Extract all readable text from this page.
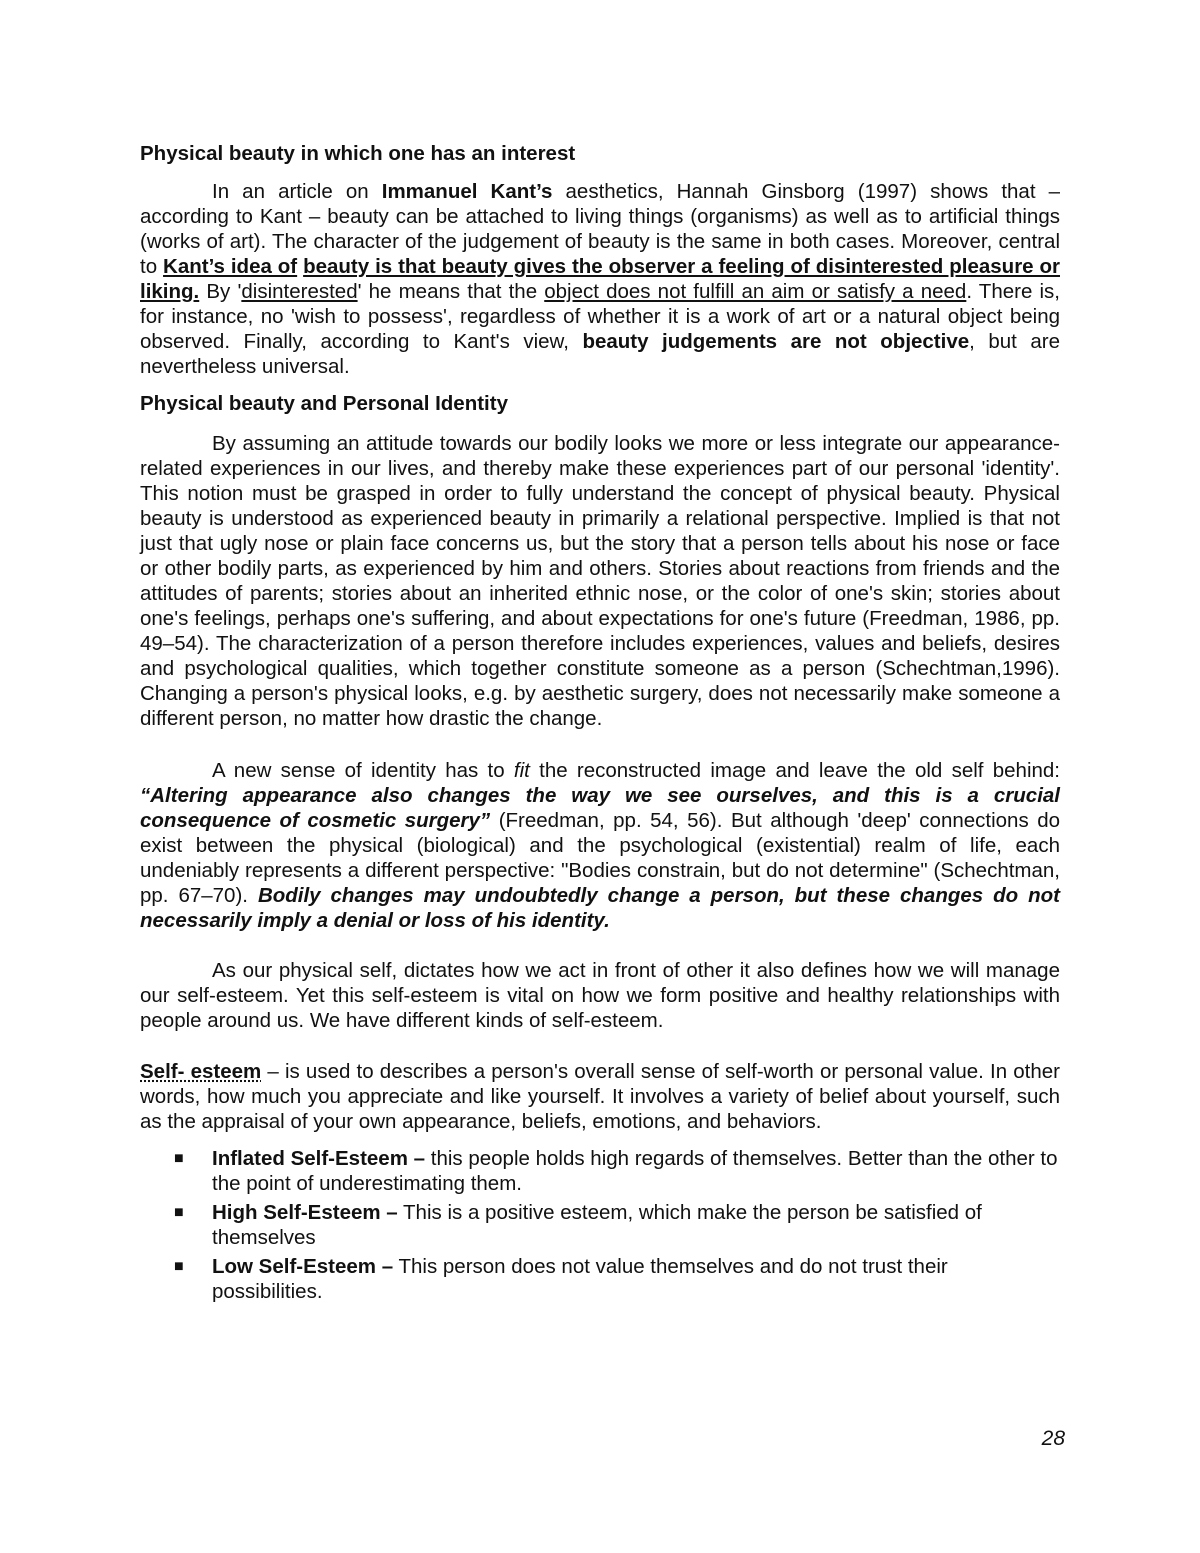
Physical beauty in which one has an interest

In an article on Immanuel Kant’s aesthetics, Hannah Ginsborg (1997) shows that – according to Kant – beauty can be attached to living things (organisms) as well as to artificial things (works of art). The character of the judgement of beauty is the same in both cases. Moreover, central to Kant’s idea of beauty is that beauty gives the observer a feeling of disinterested pleasure or liking. By 'disinterested' he means that the object does not fulfill an aim or satisfy a need. There is, for instance, no 'wish to possess', regardless of whether it is a work of art or a natural object being observed. Finally, according to Kant's view, beauty judgements are not objective, but are nevertheless universal.

Physical beauty and Personal Identity

By assuming an attitude towards our bodily looks we more or less integrate our appearance-related experiences in our lives, and thereby make these experiences part of our personal 'identity'. This notion must be grasped in order to fully understand the concept of physical beauty. Physical beauty is understood as experienced beauty in primarily a relational perspective. Implied is that not just that ugly nose or plain face concerns us, but the story that a person tells about his nose or face or other bodily parts, as experienced by him and others. Stories about reactions from friends and the attitudes of parents; stories about an inherited ethnic nose, or the color of one's skin; stories about one's feelings, perhaps one's suffering, and about expectations for one's future (Freedman, 1986, pp. 49–54). The characterization of a person therefore includes experiences, values and beliefs, desires and psychological qualities, which together constitute someone as a person (Schechtman,1996). Changing a person's physical looks, e.g. by aesthetic surgery, does not necessarily make someone a different person, no matter how drastic the change.

A new sense of identity has to fit the reconstructed image and leave the old self behind: “Altering appearance also changes the way we see ourselves, and this is a crucial consequence of cosmetic surgery” (Freedman, pp. 54, 56). But although 'deep' connections do exist between the physical (biological) and the psychological (existential) realm of life, each undeniably represents a different perspective: "Bodies constrain, but do not determine" (Schechtman, pp. 67–70). Bodily changes may undoubtedly change a person, but these changes do not necessarily imply a denial or loss of his identity.

As our physical self, dictates how we act in front of other it also defines how we will manage our self-esteem. Yet this self-esteem is vital on how we form positive and healthy relationships with people around us. We have different kinds of self-esteem.

Self- esteem – is used to describes a person's overall sense of self-worth or personal value. In other words, how much you appreciate and like yourself. It involves a variety of belief about yourself, such as the appraisal of your own appearance, beliefs, emotions, and behaviors.

■ Inflated Self-Esteem – this people holds high regards of themselves. Better than the other to the point of underestimating them.
■ High Self-Esteem – This is a positive esteem, which make the person be satisfied of themselves
■ Low Self-Esteem – This person does not value themselves and do not trust their possibilities.
28
